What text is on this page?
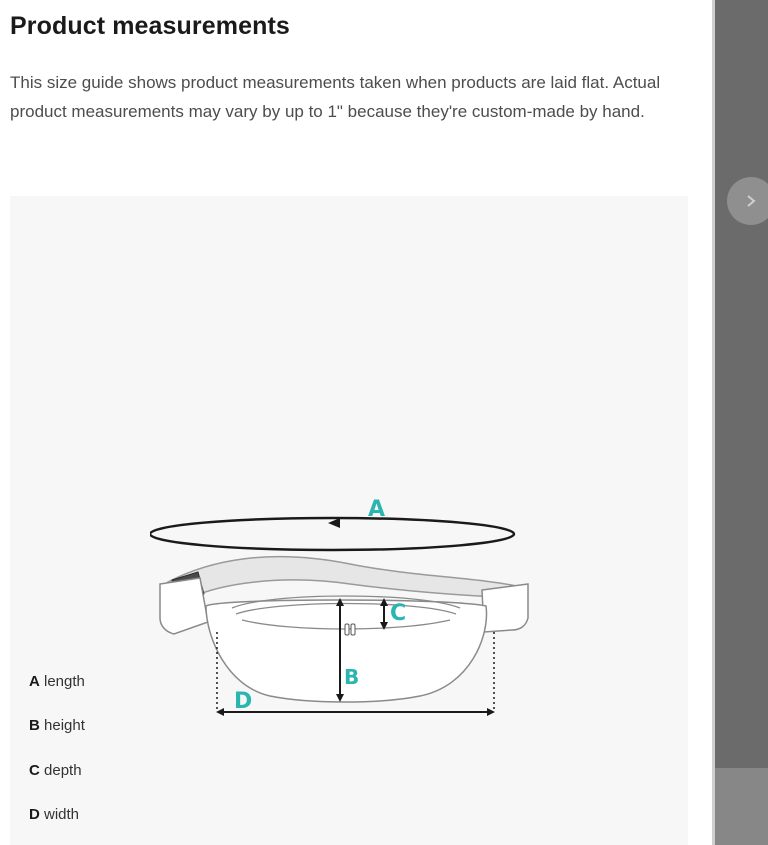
Product measurements

This size guide shows product measurements taken when products are laid flat. Actual product measurements may vary by up to 1" because they're custom-made by hand.

A
B
C
D
A length
B height
C depth
D width
